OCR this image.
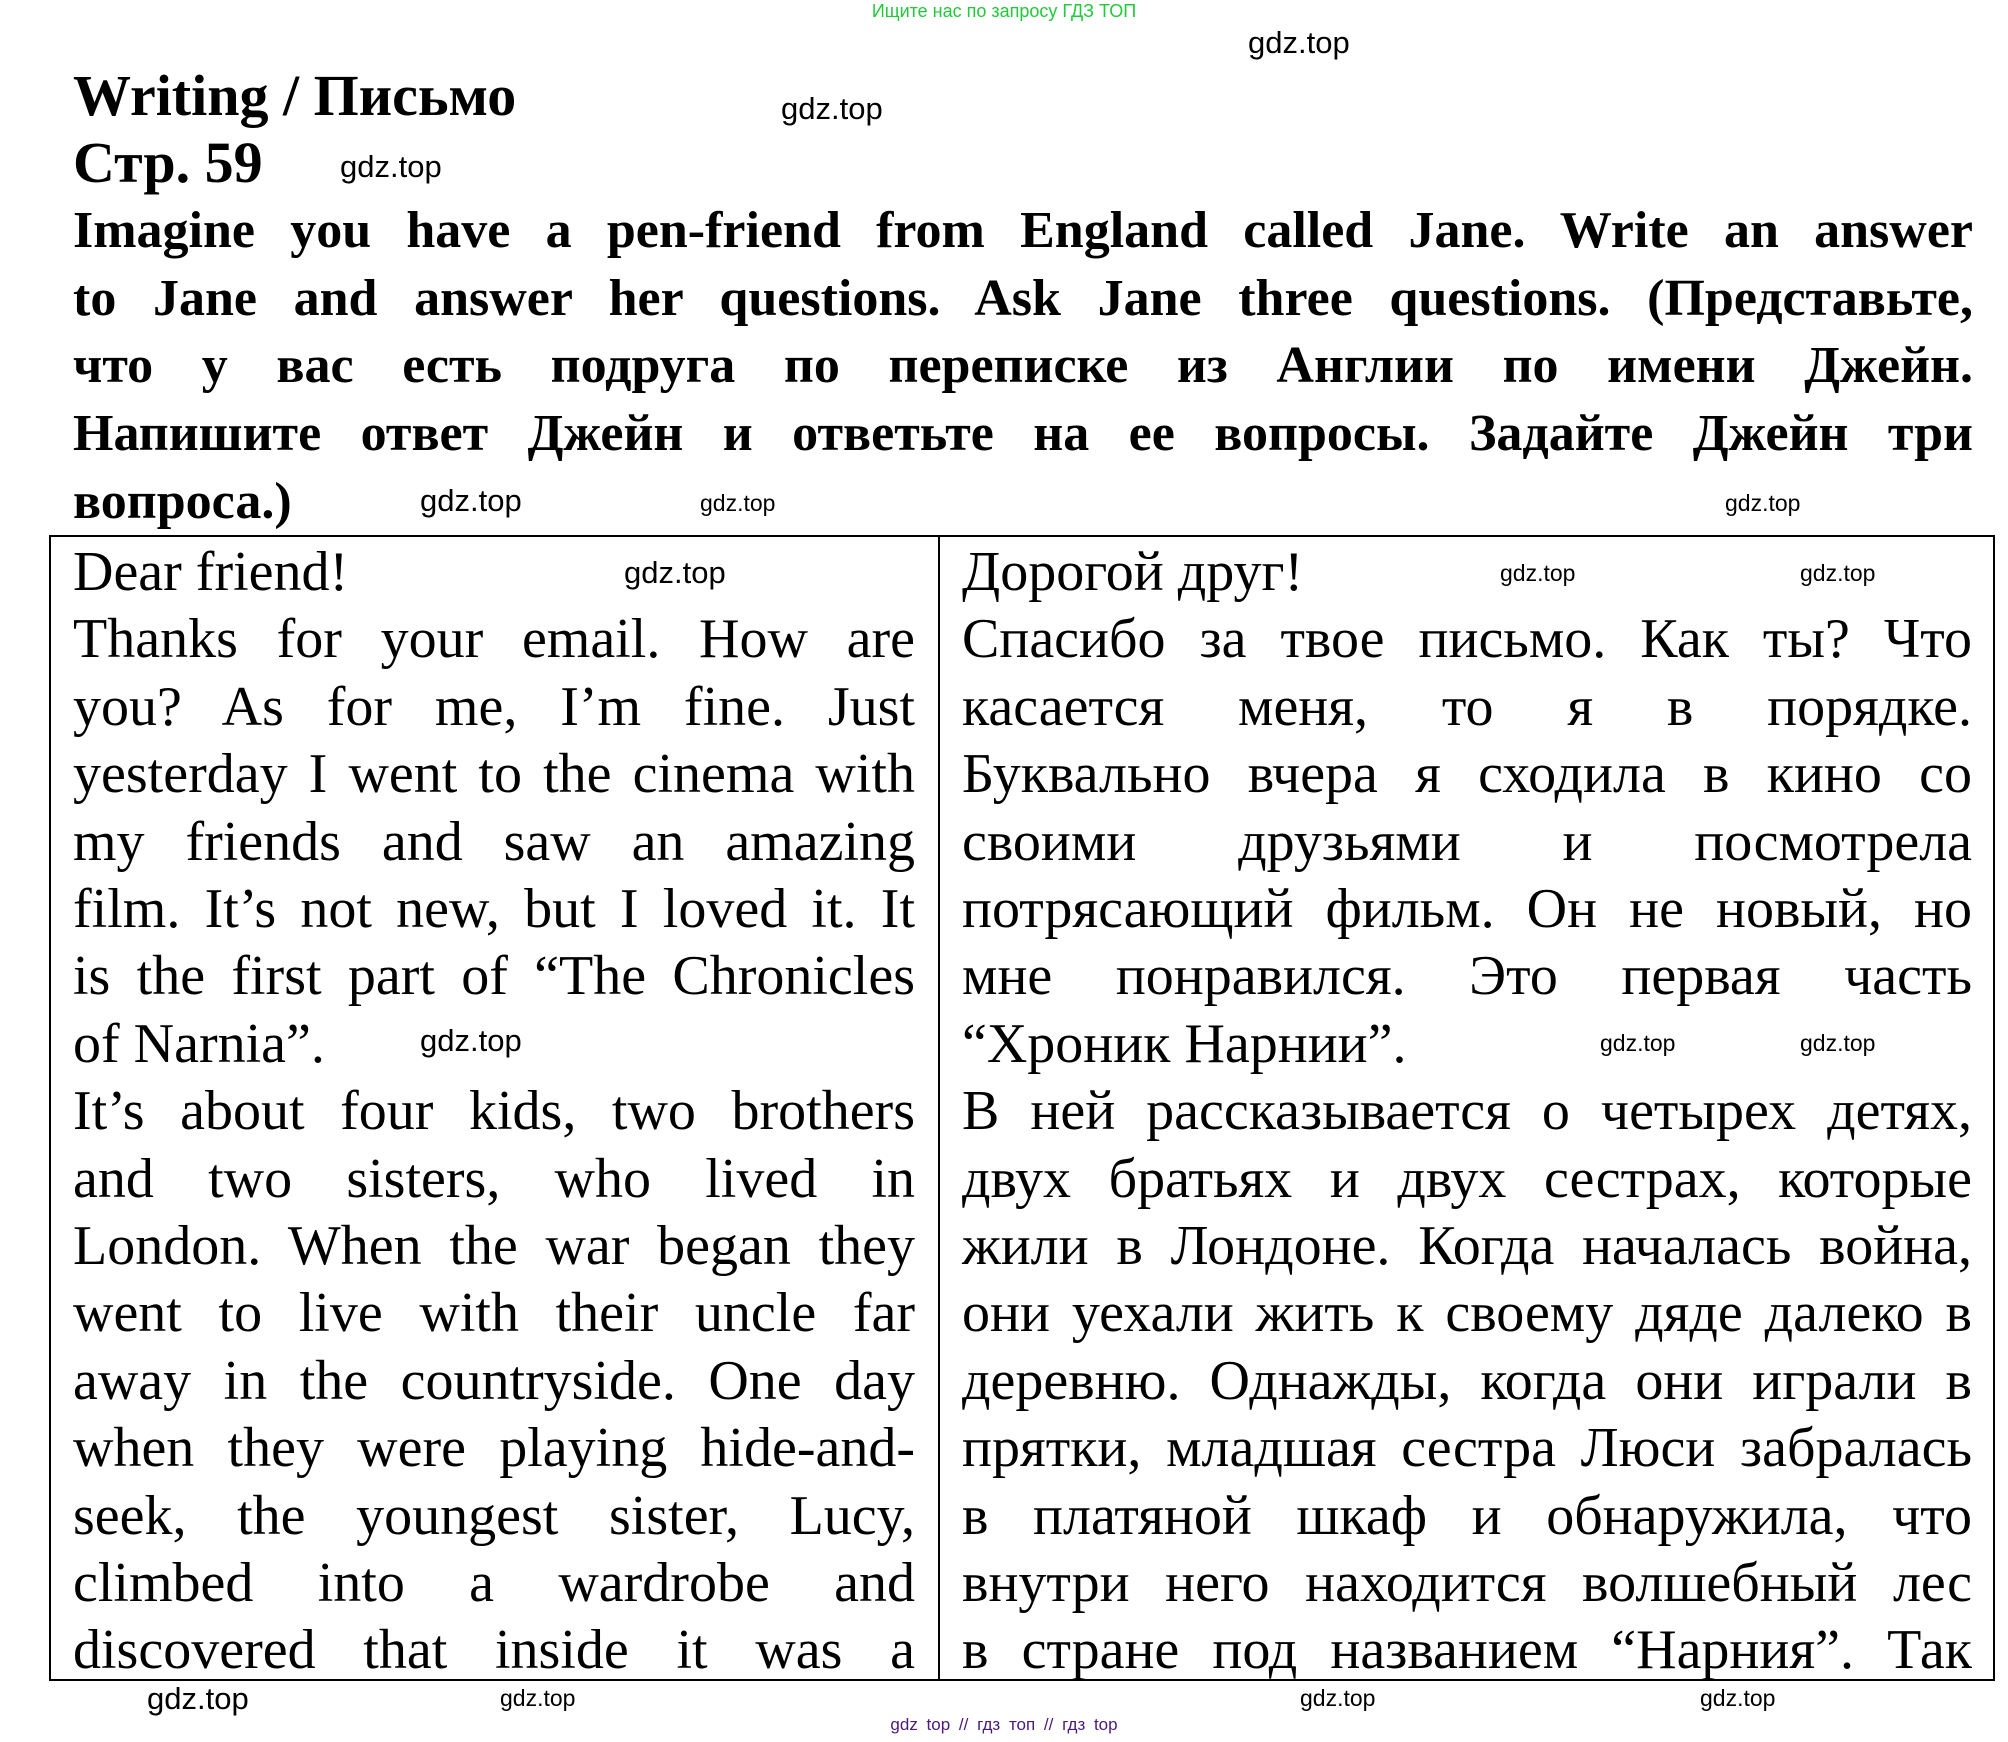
Ищите нас по запросу ГДЗ ТОП
Writing / Письмо
Стр. 59
Imagine you have a pen-friend from England called Jane. Write an answer
to Jane and answer her questions. Ask Jane three questions. (Представьте,
что у вас есть подруга по переписке из Англии по имени Джейн.
Напишите ответ Джейн и ответьте на ее вопросы. Задайте Джейн три
вопроса.)
Dear friend!
Thanks for your email. How are
you? As for me, I’m fine. Just
yesterday I went to the cinema with
my friends and saw an amazing
film. It’s not new, but I loved it. It
is the first part of “The Chronicles
of Narnia”.
It’s about four kids, two brothers
and two sisters, who lived in
London. When the war began they
went to live with their uncle far
away in the countryside. One day
when they were playing hide-and-
seek, the youngest sister, Lucy,
climbed into a wardrobe and
discovered that inside it was a
Дорогой друг!
Спасибо за твое письмо. Как ты? Что
касается меня, то я в порядке.
Буквально вчера я сходила в кино со
своими друзьями и посмотрела
потрясающий фильм. Он не новый, но
мне понравился. Это первая часть
“Хроник Нарнии”.
В ней рассказывается о четырех детях,
двух братьях и двух сестрах, которые
жили в Лондоне. Когда началась война,
они уехали жить к своему дяде далеко в
деревню. Однажды, когда они играли в
прятки, младшая сестра Люси забралась
в платяной шкаф и обнаружила, что
внутри него находится волшебный лес
в стране под названием “Нарния”. Так
gdz.top
gdz.top
gdz.top
gdz.top
gdz.top	gdz.top
gdz.top	gdz.top	gdz.top
gdz.top
gdz.top	gdz.top
gdz.top	gdz.top	gdz.top
gdz.top
gdz top // гдз топ // гдз top
